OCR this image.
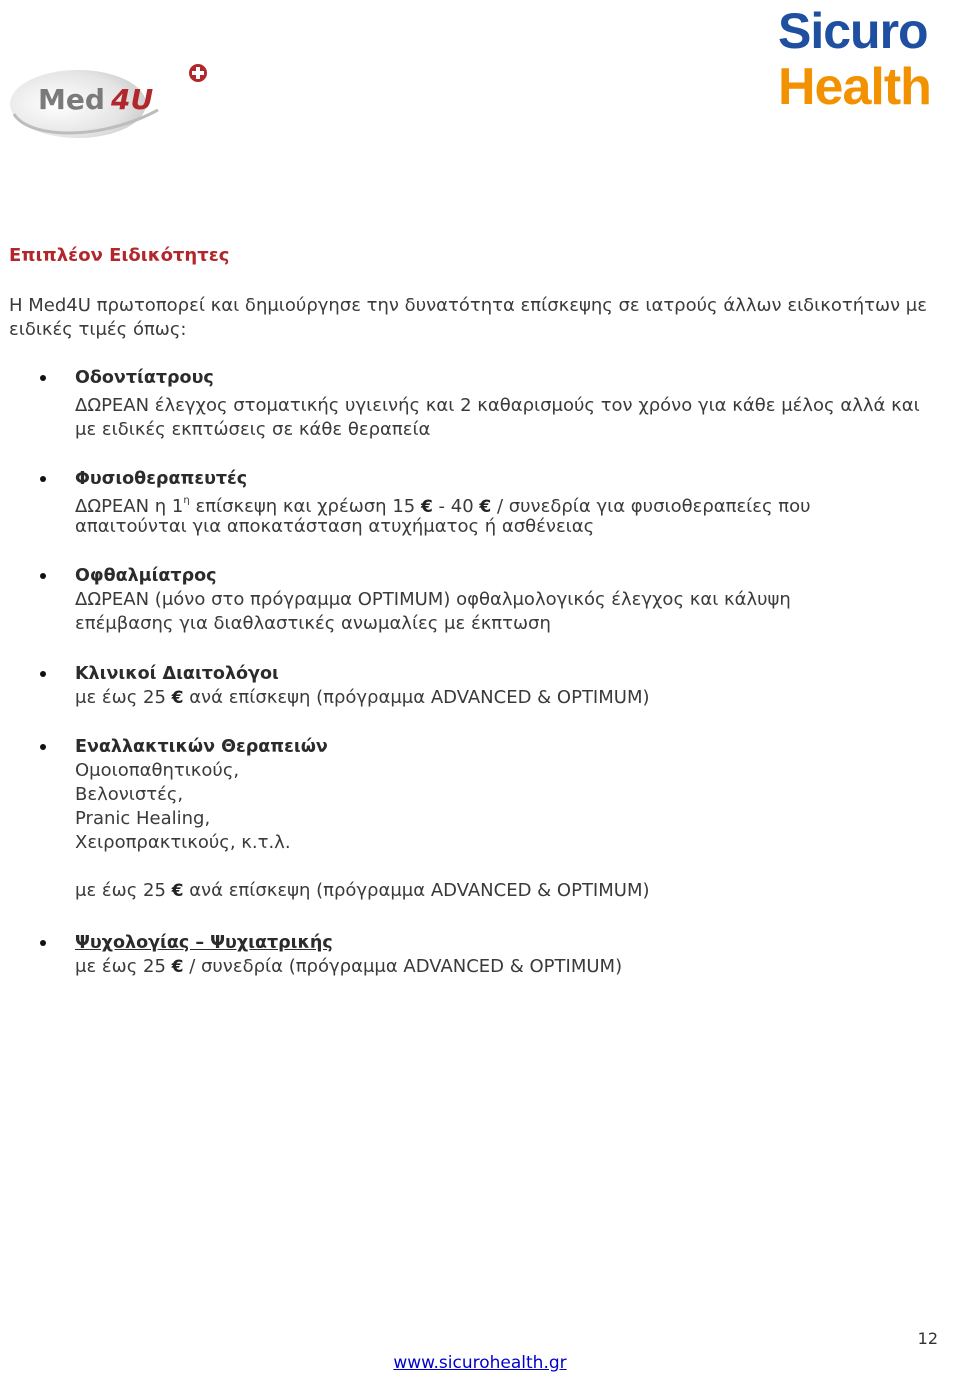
Med 4U
Sicuro
Health
Επιπλέον Ειδικότητες

Η Med4U πρωτοπορεί και δημιούργησε την δυνατότητα επίσκεψης σε ιατρούς άλλων ειδικοτήτων με ειδικές τιμές όπως:

Οδοντίατρους
ΔΩΡΕΑΝ έλεγχος στοματικής υγιεινής και 2 καθαρισμούς τον χρόνο για κάθε μέλος αλλά και
με ειδικές εκπτώσεις σε κάθε θεραπεία
Φυσιοθεραπευτές
ΔΩΡΕΑΝ η $1^\eta$ επίσκεψη και χρέωση 15 € - 40 € / συνεδρία για φυσιοθεραπείες που
απαιτούνται για αποκατάσταση ατυχήματος ή ασθένειας
Οφθαλμίατρος
ΔΩΡΕΑΝ (μόνο στο πρόγραμμα OPTIMUM) οφθαλμολογικός έλεγχος και κάλυψη
επέμβασης για διαθλαστικές ανωμαλίες με έκπτωση
Κλινικοί Διαιτολόγοι
με έως 25 € ανά επίσκεψη (πρόγραμμα ADVANCED & OPTIMUM)
Εναλλακτικών Θεραπειών
Ομοιοπαθητικούς,
Βελονιστές,
Pranic Healing,
Χειροπρακτικούς, κ.τ.λ.
με έως 25 € ανά επίσκεψη (πρόγραμμα ADVANCED & OPTIMUM)
Ψυχολογίας – Ψυχιατρικής
με έως 25 € / συνεδρία (πρόγραμμα ADVANCED & OPTIMUM)
12
www.sicurohealth.gr
